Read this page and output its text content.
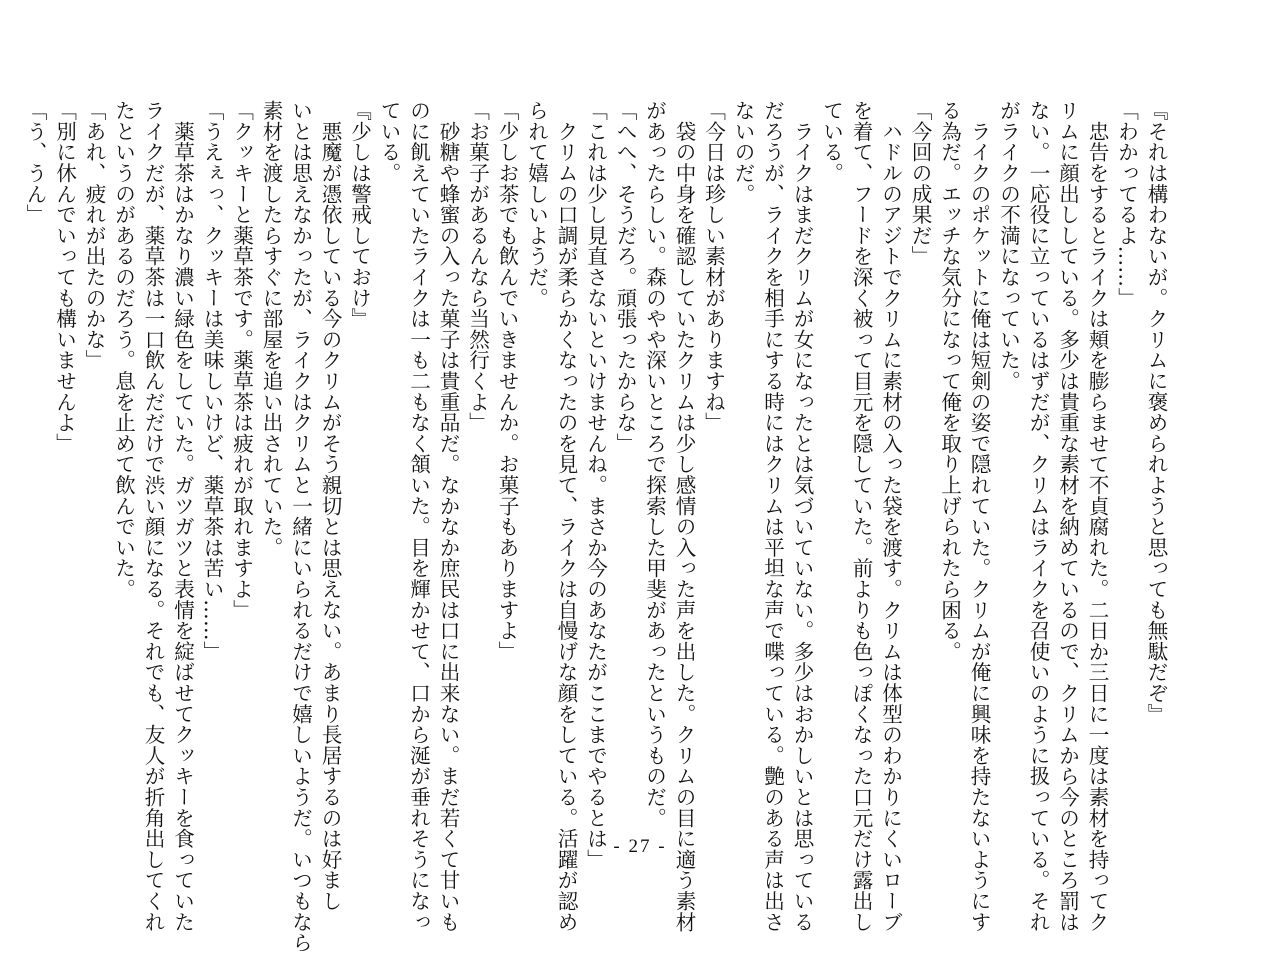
『それは構わないが。クリムに褒められようと思っても無駄だぞ』
「わかってるよ……」
　忠告をするとライクは頬を膨らませて不貞腐れた。二日か三日に一度は素材を持ってク
リムに顔出ししている。多少は貴重な素材を納めているので、クリムから今のところ罰は
ない。一応役に立っているはずだが、クリムはライクを召使いのように扱っている。それ
がライクの不満になっていた。
　ライクのポケットに俺は短剣の姿で隠れていた。クリムが俺に興味を持たないようにす
る為だ。エッチな気分になって俺を取り上げられたら困る。
「今回の成果だ」
　ハドルのアジトでクリムに素材の入った袋を渡す。クリムは体型のわかりにくいローブ
を着て、フードを深く被って目元を隠していた。前よりも色っぽくなった口元だけ露出し
ている。
　ライクはまだクリムが女になったとは気づいていない。多少はおかしいとは思っている
だろうが、ライクを相手にする時にはクリムは平坦な声で喋っている。艶のある声は出さ
ないのだ。
「今日は珍しい素材がありますね」
　袋の中身を確認していたクリムは少し感情の入った声を出した。クリムの目に適う素材
があったらしい。森のやや深いところで探索した甲斐があったというものだ。
「へへ、そうだろ。頑張ったからな」
「これは少し見直さないといけませんね。まさか今のあなたがここまでやるとは」
　クリムの口調が柔らかくなったのを見て、ライクは自慢げな顔をしている。活躍が認め
られて嬉しいようだ。
「少しお茶でも飲んでいきませんか。お菓子もありますよ」
「お菓子があるんなら当然行くよ」
　砂糖や蜂蜜の入った菓子は貴重品だ。なかなか庶民は口に出来ない。まだ若くて甘いも
のに飢えていたライクは一も二もなく頷いた。目を輝かせて、口から涎が垂れそうになっ
ている。
『少しは警戒しておけ』
　悪魔が憑依している今のクリムがそう親切とは思えない。あまり長居するのは好まし
いとは思えなかったが、ライクはクリムと一緒にいられるだけで嬉しいようだ。いつもなら
素材を渡したらすぐに部屋を追い出されていた。
「クッキーと薬草茶です。薬草茶は疲れが取れますよ」
「うえぇっ、クッキーは美味しいけど、薬草茶は苦い……」
　薬草茶はかなり濃い緑色をしていた。ガツガツと表情を綻ばせてクッキーを食っていた
ライクだが、薬草茶は一口飲んだだけで渋い顔になる。それでも、友人が折角出してくれ
たというのがあるのだろう。息を止めて飲んでいた。
「あれ、疲れが出たのかな」
「別に休んでいっても構いませんよ」
「う、うん」
- 27 -
